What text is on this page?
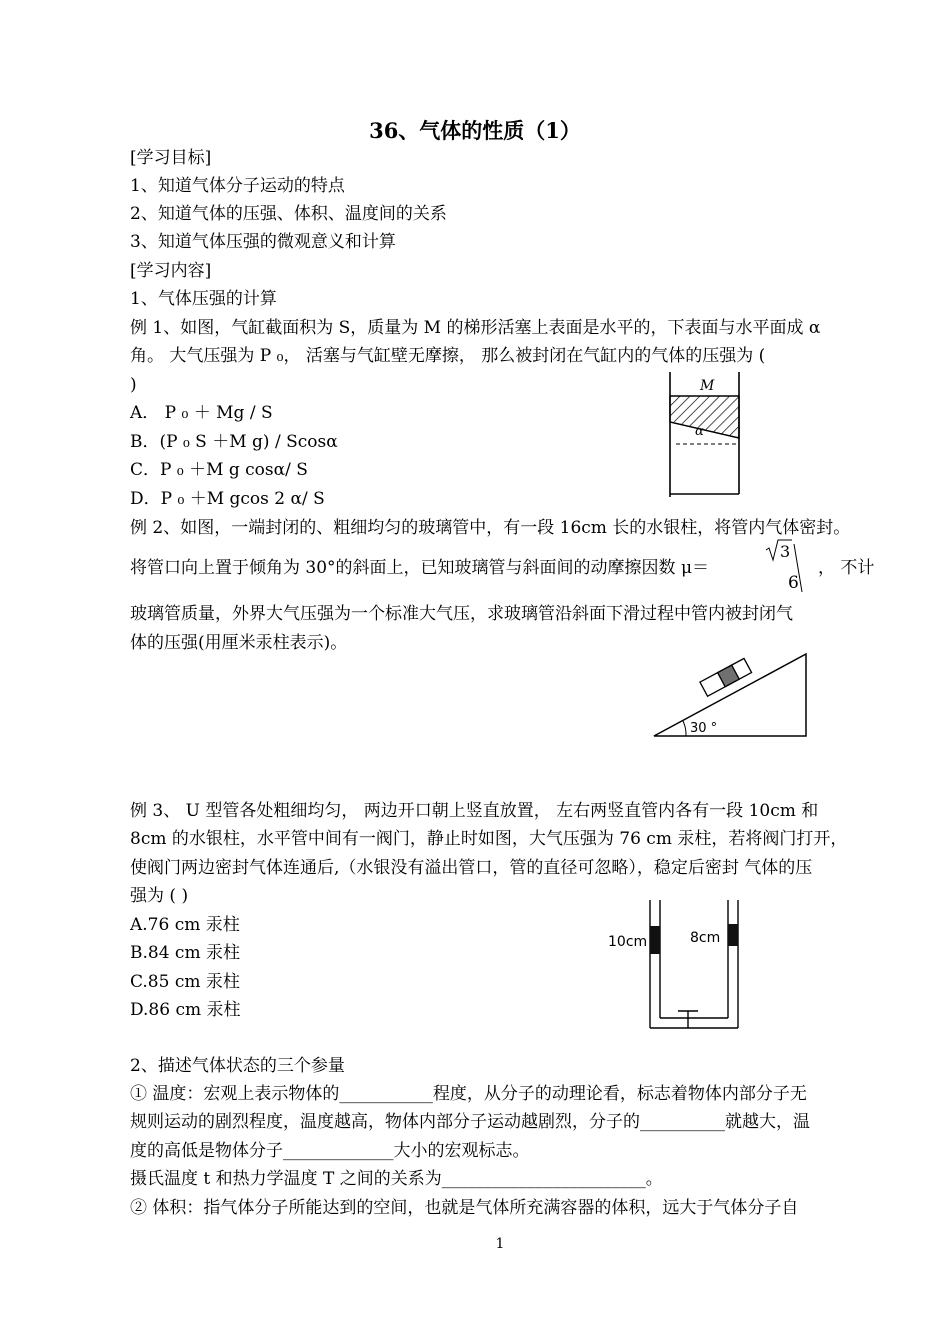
36、气体的性质（1）
[学习目标]
1、知道气体分子运动的特点
2、知道气体的压强、体积、温度间的关系
3、知道气体压强的微观意义和计算
[学习内容]
1、气体压强的计算
例 1、如图，气缸截面积为 S，质量为 M 的梯形活塞上表面是水平的，下表面与水平面成 α
角。 大气压强为 P ₀， 活塞与气缸壁无摩擦， 那么被封闭在气缸内的气体的压强为 (
)
A． P ₀ ＋ Mg / S
B．(P ₀ S ＋M g) / Scosα
C．P ₀ ＋M g cosα/ S
D．P ₀ ＋M gcos 2 α/ S
M
α
例 2、如图，一端封闭的、粗细均匀的玻璃管中，有一段 16cm 长的水银柱，将管内气体密封。
将管口向上置于倾角为 30°的斜面上，已知玻璃管与斜面间的动摩擦因数 μ＝
3
6
， 不计
玻璃管质量，外界大气压强为一个标准大气压，求玻璃管沿斜面下滑过程中管内被封闭气
体的压强(用厘米汞柱表示)。
30 °
例 3、 U 型管各处粗细均匀， 两边开口朝上竖直放置， 左右两竖直管内各有一段 10cm 和
8cm 的水银柱，水平管中间有一阀门，静止时如图，大气压强为 76 cm 汞柱，若将阀门打开，
使阀门两边密封气体连通后,（水银没有溢出管口，管的直径可忽略），稳定后密封 气体的压
强为 ( )
A.76 cm 汞柱
B.84 cm 汞柱
C.85 cm 汞柱
D.86 cm 汞柱
10cm	8cm
2、描述气体状态的三个参量
① 温度：宏观上表示物体的___________程度，从分子的动理论看，标志着物体内部分子无
规则运动的剧烈程度，温度越高，物体内部分子运动越剧烈，分子的__________就越大，温
度的高低是物体分子_____________大小的宏观标志。
摄氏温度 t 和热力学温度 T 之间的关系为________________________。
② 体积：指气体分子所能达到的空间，也就是气体所充满容器的体积，远大于气体分子自
1
